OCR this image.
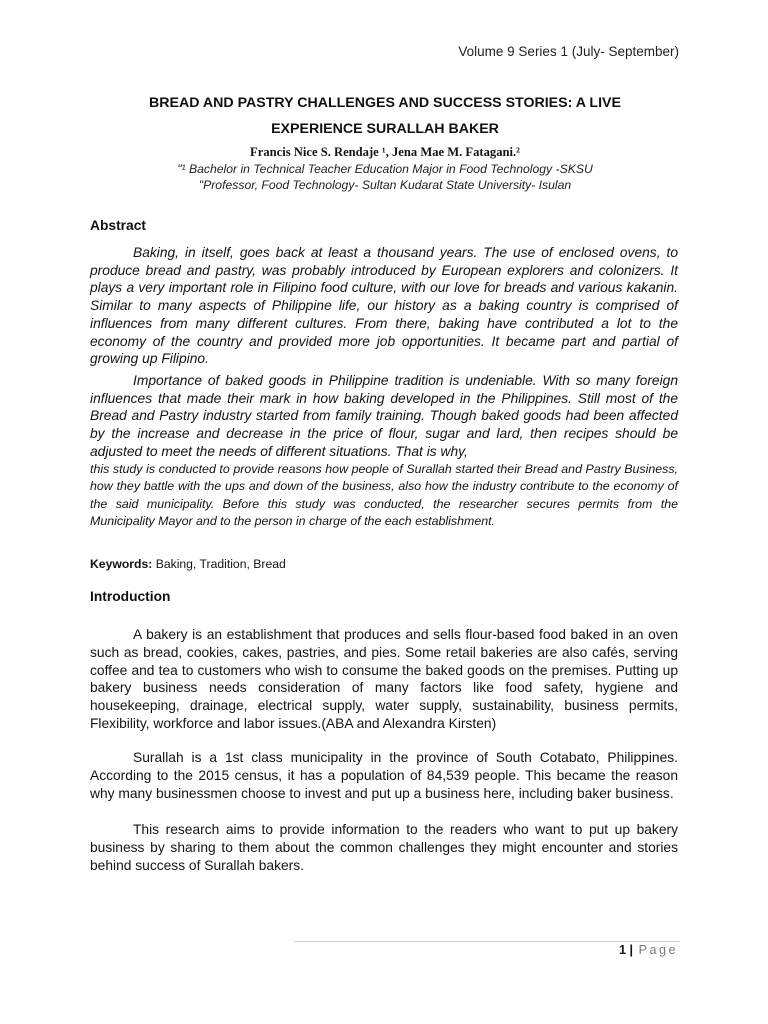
Volume 9 Series 1 (July- September)
BREAD AND PASTRY CHALLENGES AND SUCCESS STORIES: A LIVE
EXPERIENCE SURALLAH BAKER
Francis Nice S. Rendaje ¹, Jena Mae M. Fatagani.²
"¹ Bachelor in Technical Teacher Education Major in Food Technology -SKSU
"Professor, Food Technology- Sultan Kudarat State University- Isulan
Abstract

Baking, in itself, goes back at least a thousand years. The use of enclosed ovens, to produce bread and pastry, was probably introduced by European explorers and colonizers. It plays a very important role in Filipino food culture, with our love for breads and various kakanin. Similar to many aspects of Philippine life, our history as a baking country is comprised of influences from many different cultures. From there, baking have contributed a lot to the economy of the country and provided more job opportunities. It became part and partial of growing up Filipino.

Importance of baked goods in Philippine tradition is undeniable. With so many foreign influences that made their mark in how baking developed in the Philippines. Still most of the Bread and Pastry industry started from family training. Though baked goods had been affected by the increase and decrease in the price of flour, sugar and lard, then recipes should be adjusted to meet the needs of different situations. That is why,

this study is conducted to provide reasons how people of Surallah started their Bread and Pastry Business, how they battle with the ups and down of the business, also how the industry contribute to the economy of the said municipality. Before this study was conducted, the researcher secures permits from the Municipality Mayor and to the person in charge of the each establishment.

Keywords: Baking, Tradition, Bread
Introduction

A bakery is an establishment that produces and sells flour-based food baked in an oven such as bread, cookies, cakes, pastries, and pies. Some retail bakeries are also cafés, serving coffee and tea to customers who wish to consume the baked goods on the premises. Putting up bakery business needs consideration of many factors like food safety, hygiene and housekeeping, drainage, electrical supply, water supply, sustainability, business permits, Flexibility, workforce and labor issues.(ABA and Alexandra Kirsten)

Surallah is a 1st class municipality in the province of South Cotabato, Philippines. According to the 2015 census, it has a population of 84,539 people. This became the reason why many businessmen choose to invest and put up a business here, including baker business.

This research aims to provide information to the readers who want to put up bakery business by sharing to them about the common challenges they might encounter and stories behind success of Surallah bakers.

1 | Page
